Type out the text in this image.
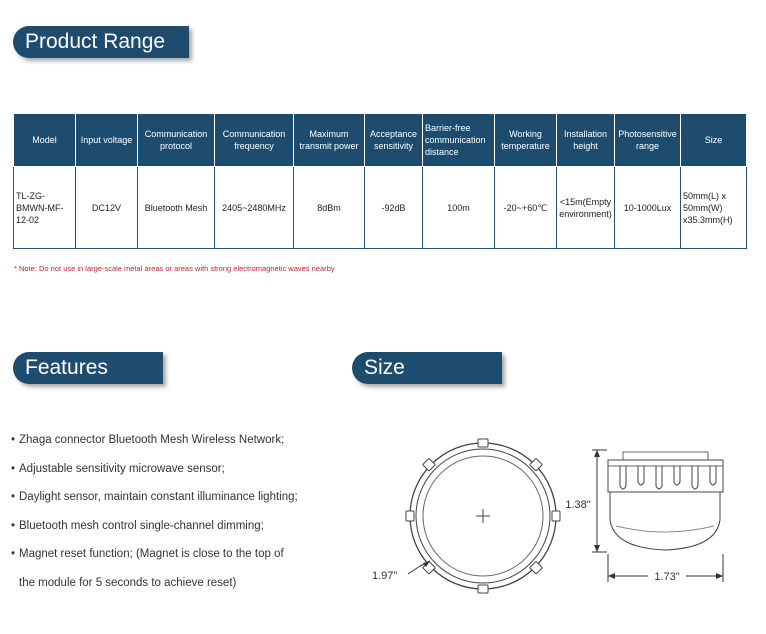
Product Range
Model	Input voltage	Communication protocol	Communication frequency	Maximum transmit power	Acceptance sensitivity	Barrier-free communication distance	Working temperature	Installation height	Photosensitive range	Size
TL-ZG-BMWN-MF-12-02	DC12V	Bluetooth Mesh	2405~2480MHz	8dBm	-92dB	100m	-20~+60℃	<15m(Empty environment)	10-1000Lux	50mm(L) x 50mm(W) x35.3mm(H)
* Note: Do not use in large-scale metal areas or areas with strong electromagnetic waves nearby
Features	Size
• Zhaga connector Bluetooth Mesh Wireless Network;
• Adjustable sensitivity microwave sensor;
• Daylight sensor, maintain constant illuminance lighting;
• Bluetooth mesh control single-channel dimming;
• Magnet reset function; (Magnet is close to the top of
the module for 5 seconds to achieve reset)
1.97"
1.38"
1.73"
